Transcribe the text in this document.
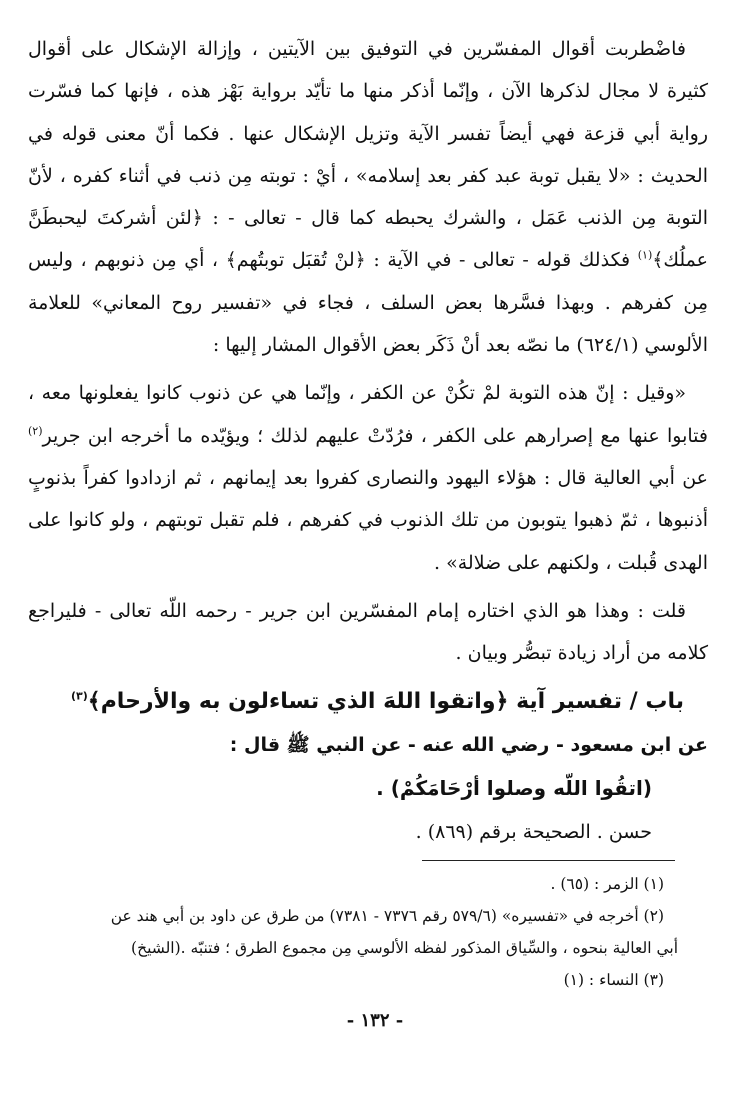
فاضْطربت أقوال المفسّرين في التوفيق بين الآيتين ، وإزالة الإشكال على أقوال كثيرة لا مجال لذكرها الآن ، وإنّما أذكر منها ما تأيّد برواية بَهْز هذه ، فإنها كما فسّرت رواية أبي قزعة فهي أيضاً تفسر الآية وتزيل الإشكال عنها . فكما أنّ معنى قوله في الحديث : «لا يقبل توبة عبد كفر بعد إسلامه» ، أيْ : توبته مِن ذنب في أثناء كفره ، لأنّ التوبة مِن الذنب عَمَل ، والشرك يحبطه كما قال - تعالى - : ﴿لئن أشركتَ ليحبطَنَّ عملُك﴾$^{(١)}$ فكذلك قوله - تعالى - في الآية : ﴿لنْ تُقبَل توبتُهم﴾ ، أي مِن ذنوبهم ، وليس مِن كفرهم . وبهذا فسَّرها بعض السلف ، فجاء في «تفسير روح المعاني» للعلامة الألوسي (٦٢٤/١) ما نصّه بعد أنْ ذَكَر بعض الأقوال المشار إليها :

«وقيل : إنّ هذه التوبة لمْ تكُنْ عن الكفر ، وإنّما هي عن ذنوب كانوا يفعلونها معه ، فتابوا عنها مع إصرارهم على الكفر ، فرُدّتْ عليهم لذلك ؛ ويؤيّده ما أخرجه ابن جرير$^{(٢)}$ عن أبي العالية قال : هؤلاء اليهود والنصارى كفروا بعد إيمانهم ، ثم ازدادوا كفراً بذنوبٍ أذنبوها ، ثمّ ذهبوا يتوبون من تلك الذنوب في كفرهم ، فلم تقبل توبتهم ، ولو كانوا على الهدى قُبلت ، ولكنهم على ضلالة» .

قلت : وهذا هو الذي اختاره إمام المفسّرين ابن جرير - رحمه اللّه تعالى - فليراجع كلامه من أراد زيادة تبصُّر وبيان .

باب / تفسير آية ﴿واتقوا اللهَ الذي تساءلون به والأرحام﴾$^{(٣)}$

عن ابن مسعود - رضي الله عنه - عن النبي ﷺ قال :

(اتقُوا اللّه وصلوا أرْحَامَكُمْ) .

حسن . الصحيحة برقم (٨٦٩) .

(١) الزمر : (٦٥) .

(٢) أخرجه في «تفسيره» (٥٧٩/٦ رقم ٧٣٧٦ - ٧٣٨١) من طرق عن داود بن أبي هند عن

أبي العالية بنحوه ، والسِّياق المذكور لفظه الألوسي مِن مجموع الطرق ؛ فتنبّه .(الشيخ)

(٣) النساء : (١)

- ١٣٢ -
